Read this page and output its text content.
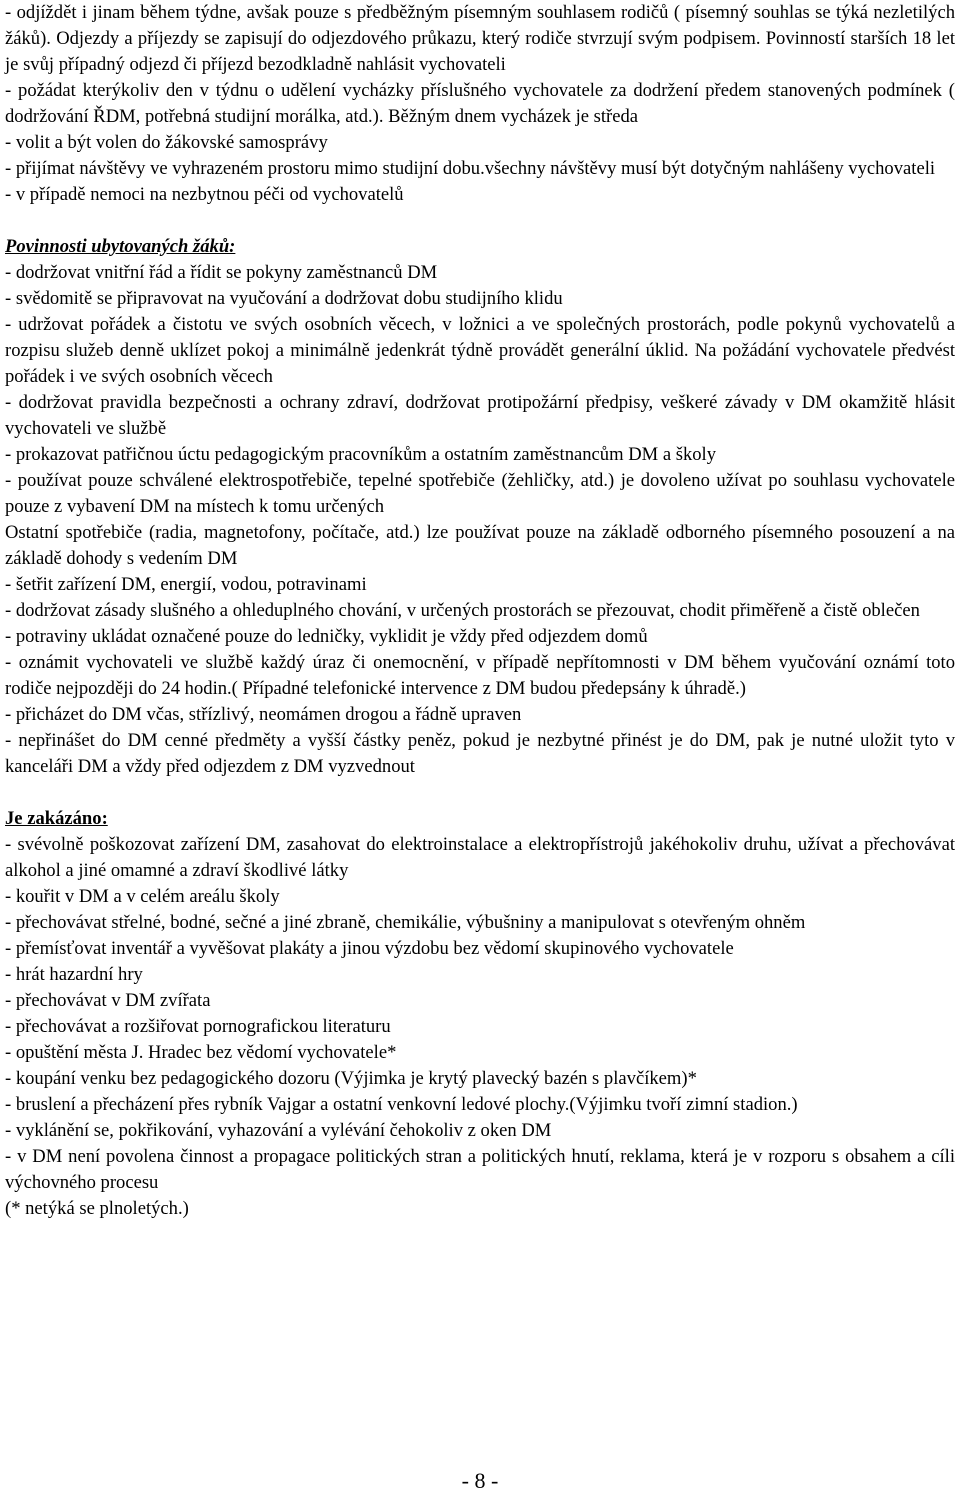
- odjíždět i jinam během týdne, avšak pouze s předběžným písemným souhlasem rodičů ( písemný souhlas se týká nezletilých žáků). Odjezdy a příjezdy se zapisují do odjezdového průkazu, který rodiče stvrzují svým podpisem. Povinností starších 18 let je svůj případný odjezd či příjezd bezodkladně nahlásit vychovateli

- požádat kterýkoliv den v týdnu o udělení vycházky příslušného vychovatele za dodržení předem stanovených podmínek ( dodržování ŘDM, potřebná studijní morálka, atd.). Běžným dnem vycházek je středa

- volit a být volen do žákovské samosprávy

- přijímat návštěvy ve vyhrazeném prostoru mimo studijní dobu.všechny návštěvy musí být dotyčným nahlášeny vychovateli

- v případě nemoci na nezbytnou péči od vychovatelů

Povinnosti ubytovaných žáků:

- dodržovat vnitřní řád a řídit se pokyny zaměstnanců DM

- svědomitě se připravovat na vyučování a dodržovat dobu studijního klidu

- udržovat pořádek a čistotu ve svých osobních věcech, v ložnici a ve společných prostorách, podle pokynů vychovatelů a rozpisu služeb denně uklízet pokoj a minimálně jedenkrát týdně provádět generální úklid. Na požádání vychovatele předvést pořádek i ve svých osobních věcech

- dodržovat pravidla bezpečnosti a ochrany zdraví, dodržovat protipožární předpisy, veškeré závady v DM okamžitě hlásit vychovateli ve službě

- prokazovat patřičnou úctu pedagogickým pracovníkům a ostatním zaměstnancům DM a školy

- používat pouze schválené elektrospotřebiče, tepelné spotřebiče (žehličky, atd.) je dovoleno užívat po souhlasu vychovatele pouze z vybavení DM na místech k tomu určených

Ostatní spotřebiče (radia, magnetofony, počítače, atd.) lze používat pouze na základě odborného písemného posouzení a na základě dohody s vedením DM

- šetřit zařízení DM, energií, vodou, potravinami

- dodržovat zásady slušného a ohleduplného chování, v určených prostorách se přezouvat, chodit přiměřeně a čistě oblečen

- potraviny ukládat označené pouze do ledničky, vyklidit je vždy před odjezdem domů

- oznámit vychovateli ve službě každý úraz či onemocnění, v případě nepřítomnosti v DM během vyučování oznámí toto rodiče nejpozději do 24 hodin.( Případné telefonické intervence z DM budou předepsány k úhradě.)

- přicházet do DM včas, střízlivý, neomámen drogou a řádně upraven

- nepřinášet do DM cenné předměty a vyšší částky peněz, pokud je nezbytné přinést je do DM, pak je nutné uložit tyto v kanceláři DM a vždy před odjezdem z DM vyzvednout

Je zakázáno:

- svévolně poškozovat zařízení DM, zasahovat do elektroinstalace a elektropřístrojů jakéhokoliv druhu, užívat a přechovávat alkohol a jiné omamné a zdraví škodlivé látky

- kouřit v DM a v celém areálu školy

- přechovávat střelné, bodné, sečné a jiné zbraně, chemikálie, výbušniny a manipulovat s otevřeným ohněm

- přemísťovat inventář a vyvěšovat plakáty a jinou výzdobu bez vědomí skupinového vychovatele

- hrát hazardní hry

- přechovávat v DM zvířata

- přechovávat a rozšiřovat pornografickou literaturu

- opuštění města J. Hradec bez vědomí vychovatele*

- koupání venku bez pedagogického dozoru (Výjimka je krytý plavecký bazén s plavčíkem)*

- bruslení a přecházení přes rybník Vajgar a ostatní venkovní ledové plochy.(Výjimku tvoří zimní stadion.)

- vyklánění se, pokřikování, vyhazování a vylévání čehokoliv z oken DM

- v DM není povolena činnost a propagace politických stran a politických hnutí, reklama, která je v rozporu s obsahem a cíli výchovného procesu

(* netýká se plnoletých.)

- 8 -
